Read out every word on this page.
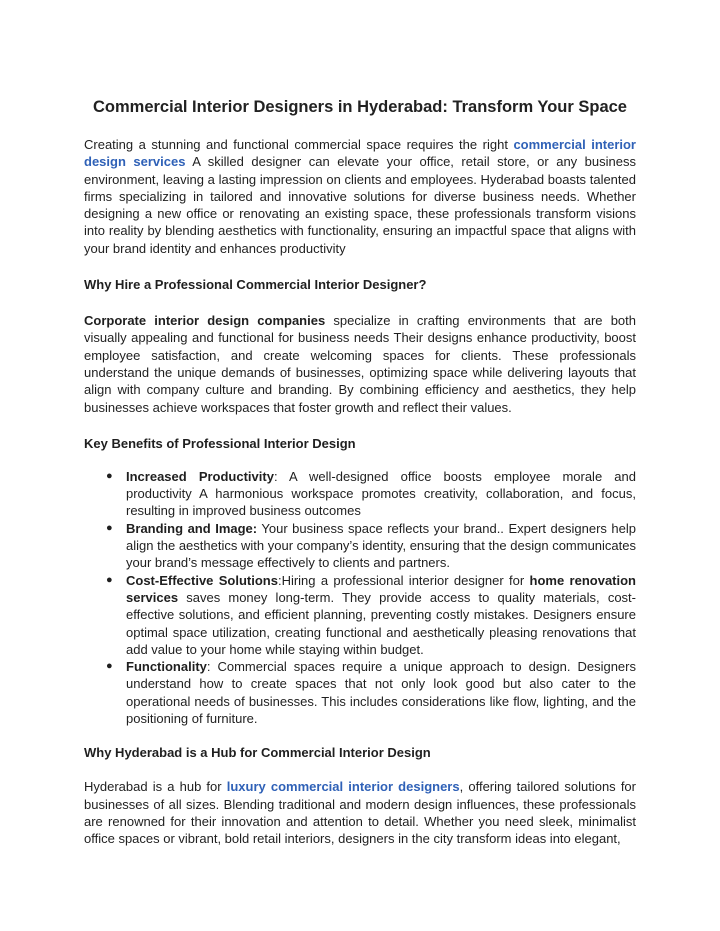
Commercial Interior Designers in Hyderabad: Transform Your Space

Creating a stunning and functional commercial space requires the right commercial interior design services A skilled designer can elevate your office, retail store, or any business environment, leaving a lasting impression on clients and employees. Hyderabad boasts talented firms specializing in tailored and innovative solutions for diverse business needs. Whether designing a new office or renovating an existing space, these professionals transform visions into reality by blending aesthetics with functionality, ensuring an impactful space that aligns with your brand identity and enhances productivity

Why Hire a Professional Commercial Interior Designer?

Corporate interior design companies specialize in crafting environments that are both visually appealing and functional for business needs Their designs enhance productivity, boost employee satisfaction, and create welcoming spaces for clients. These professionals understand the unique demands of businesses, optimizing space while delivering layouts that align with company culture and branding. By combining efficiency and aesthetics, they help businesses achieve workspaces that foster growth and reflect their values.

Key Benefits of Professional Interior Design
● Increased Productivity: A well-designed office boosts employee morale and productivity A harmonious workspace promotes creativity, collaboration, and focus, resulting in improved business outcomes
● Branding and Image: Your business space reflects your brand.. Expert designers help align the aesthetics with your company’s identity, ensuring that the design communicates your brand’s message effectively to clients and partners.
● Cost-Effective Solutions:Hiring a professional interior designer for home renovation services saves money long-term. They provide access to quality materials, cost-effective solutions, and efficient planning, preventing costly mistakes. Designers ensure optimal space utilization, creating functional and aesthetically pleasing renovations that add value to your home while staying within budget.
● Functionality: Commercial spaces require a unique approach to design. Designers understand how to create spaces that not only look good but also cater to the operational needs of businesses. This includes considerations like flow, lighting, and the positioning of furniture.
Why Hyderabad is a Hub for Commercial Interior Design

Hyderabad is a hub for luxury commercial interior designers, offering tailored solutions for businesses of all sizes. Blending traditional and modern design influences, these professionals are renowned for their innovation and attention to detail. Whether you need sleek, minimalist office spaces or vibrant, bold retail interiors, designers in the city transform ideas into elegant,
